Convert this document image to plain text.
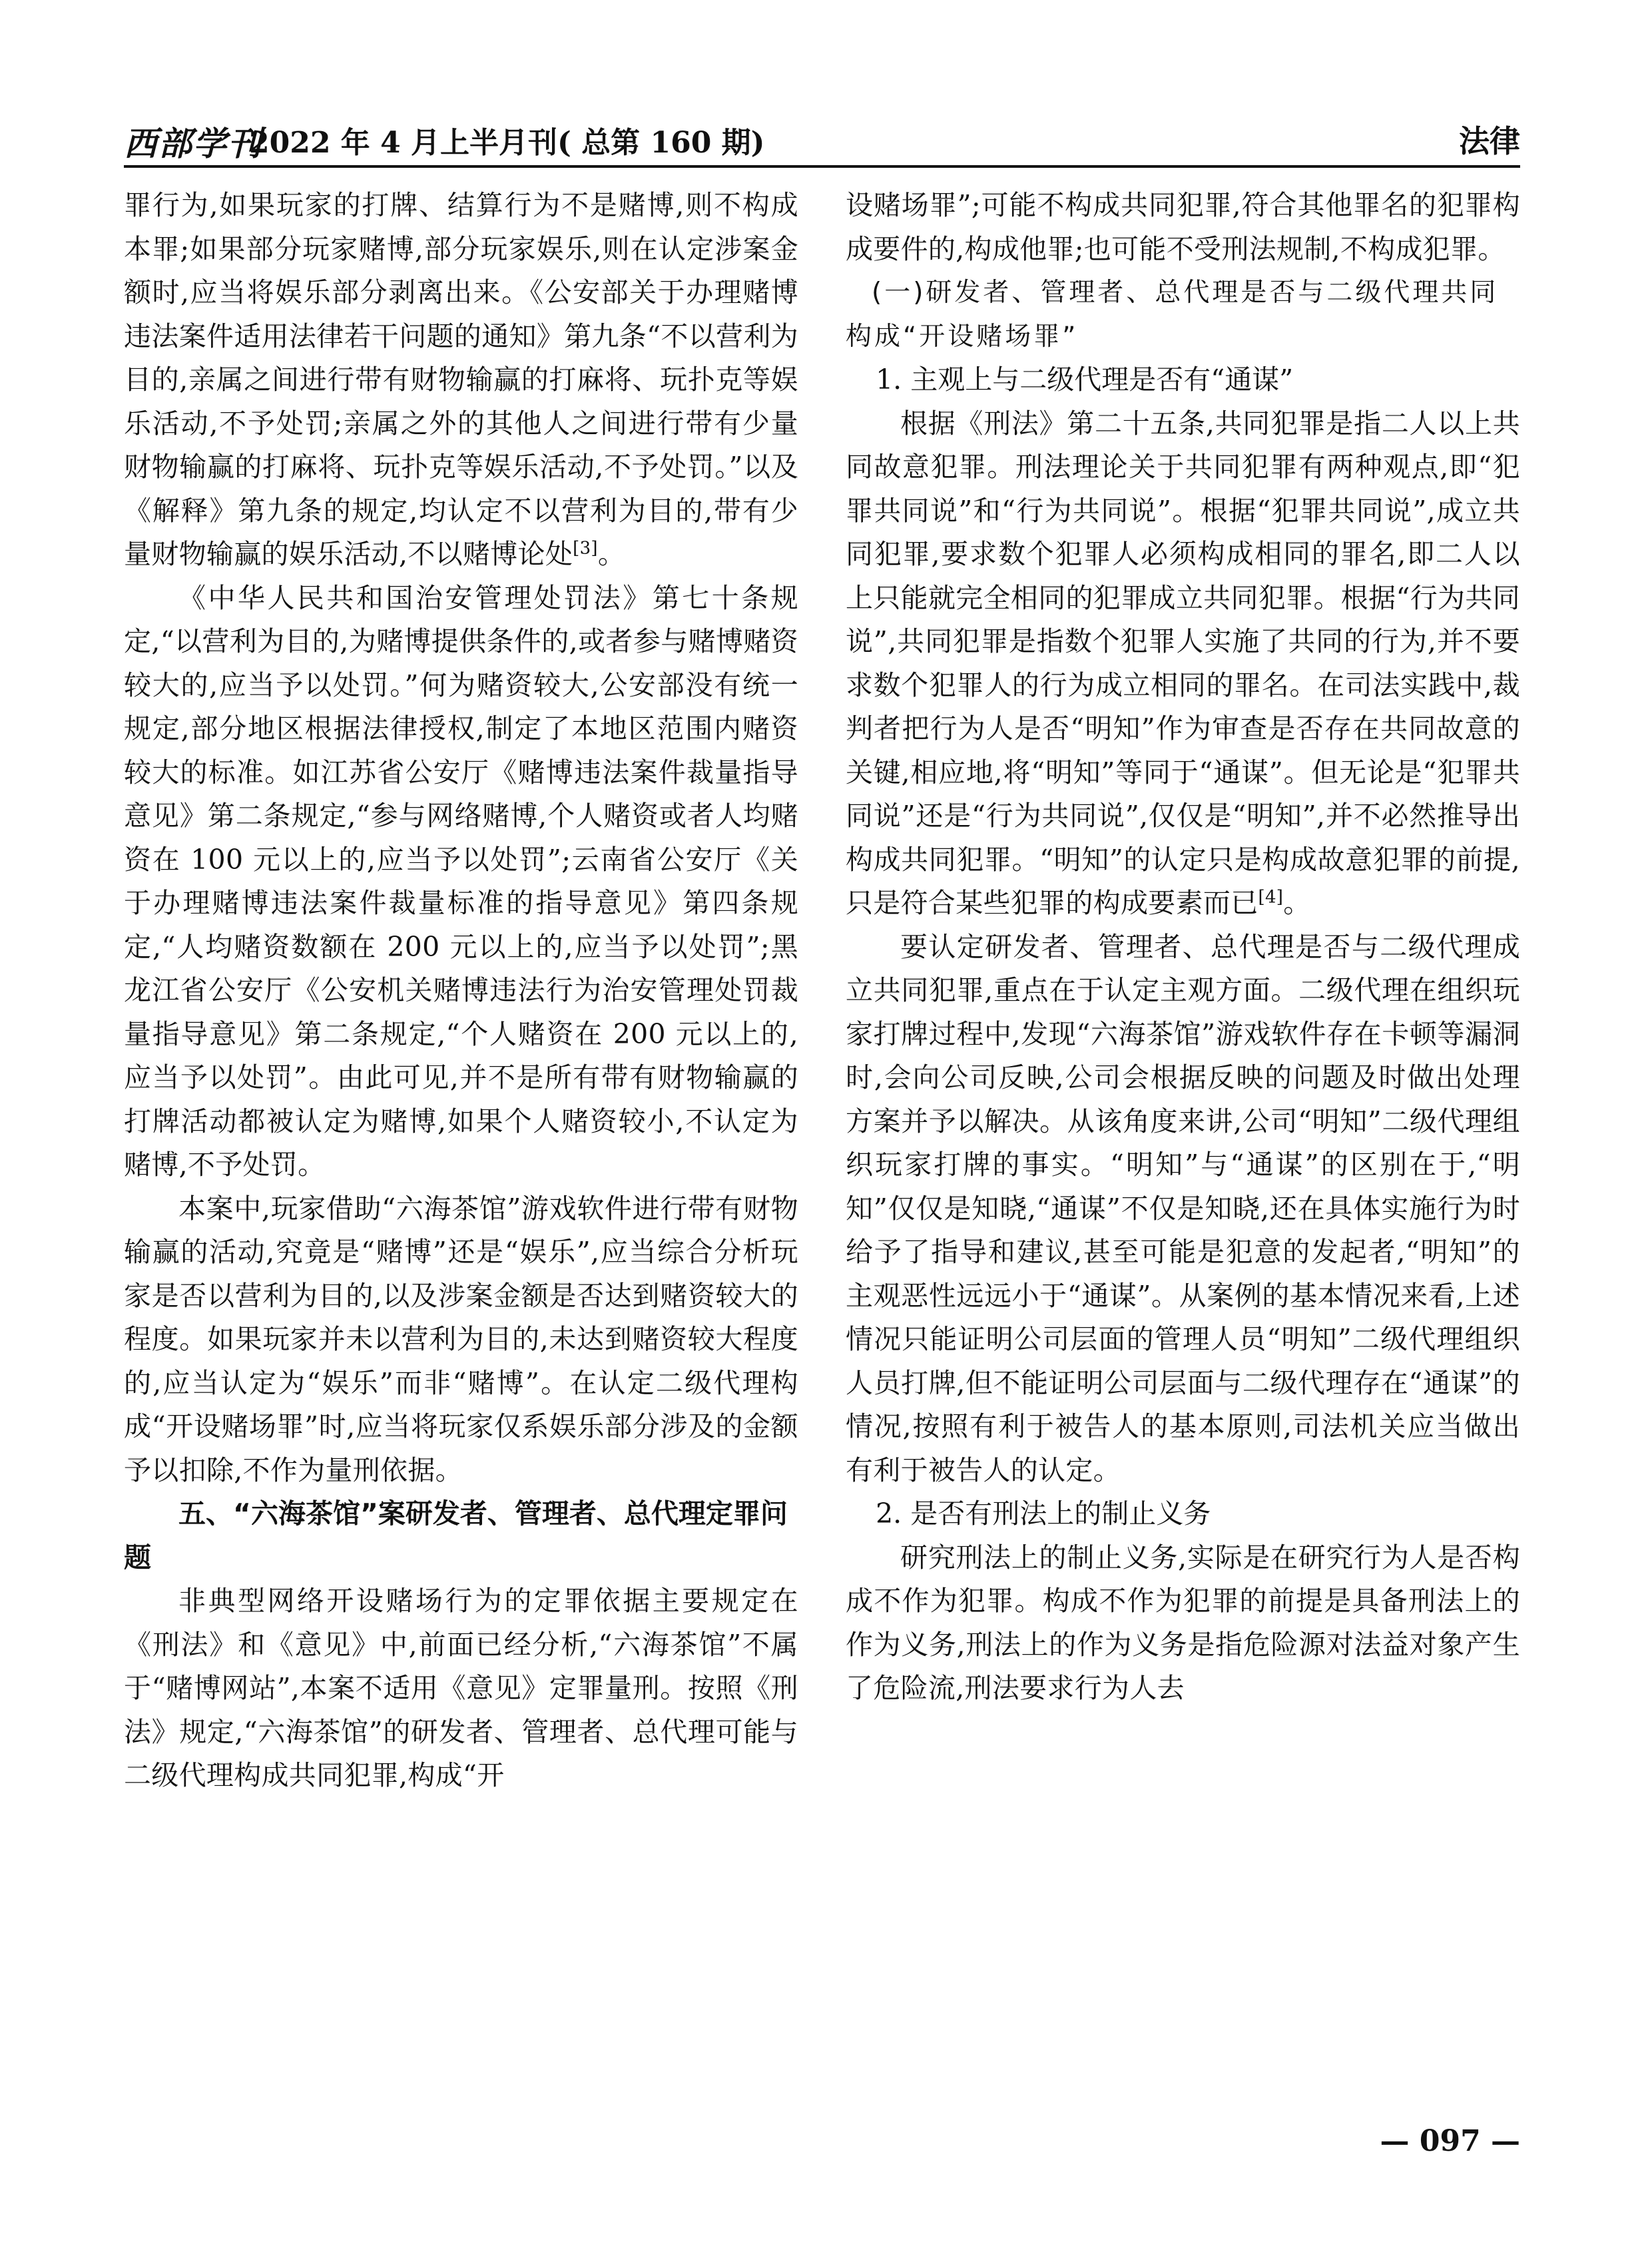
西部学刊
2022 年 4 月上半月刊( 总第 160 期)	法律

罪行为,如果玩家的打牌、结算行为不是赌博,则不构成本罪;如果部分玩家赌博,部分玩家娱乐,则在认定涉案金额时,应当将娱乐部分剥离出来。《公安部关于办理赌博违法案件适用法律若干问题的通知》第九条“不以营利为目的,亲属之间进行带有财物输赢的打麻将、玩扑克等娱乐活动,不予处罚;亲属之外的其他人之间进行带有少量财物输赢的打麻将、玩扑克等娱乐活动,不予处罚。”以及《解释》第九条的规定,均认定不以营利为目的,带有少量财物输赢的娱乐活动,不以赌博论处[3]。

《中华人民共和国治安管理处罚法》第七十条规定,“以营利为目的,为赌博提供条件的,或者参与赌博赌资较大的,应当予以处罚。”何为赌资较大,公安部没有统一规定,部分地区根据法律授权,制定了本地区范围内赌资较大的标准。如江苏省公安厅《赌博违法案件裁量指导意见》第二条规定,“参与网络赌博,个人赌资或者人均赌资在 100 元以上的,应当予以处罚”;云南省公安厅《关于办理赌博违法案件裁量标准的指导意见》第四条规定,“人均赌资数额在 200 元以上的,应当予以处罚”;黑龙江省公安厅《公安机关赌博违法行为治安管理处罚裁量指导意见》第二条规定,“个人赌资在 200 元以上的,应当予以处罚”。由此可见,并不是所有带有财物输赢的打牌活动都被认定为赌博,如果个人赌资较小,不认定为赌博,不予处罚。

本案中,玩家借助“六海茶馆”游戏软件进行带有财物输赢的活动,究竟是“赌博”还是“娱乐”,应当综合分析玩家是否以营利为目的,以及涉案金额是否达到赌资较大的程度。如果玩家并未以营利为目的,未达到赌资较大程度的,应当认定为“娱乐”而非“赌博”。在认定二级代理构成“开设赌场罪”时,应当将玩家仅系娱乐部分涉及的金额予以扣除,不作为量刑依据。

五、“六海茶馆”案研发者、管理者、总代理定罪问题

非典型网络开设赌场行为的定罪依据主要规定在《刑法》和《意见》中,前面已经分析,“六海茶馆”不属于“赌博网站”,本案不适用《意见》定罪量刑。按照《刑法》规定,“六海茶馆”的研发者、管理者、总代理可能与二级代理构成共同犯罪,构成“开

设赌场罪”;可能不构成共同犯罪,符合其他罪名的犯罪构成要件的,构成他罪;也可能不受刑法规制,不构成犯罪。

(一)研发者、管理者、总代理是否与二级代理共同构成“开设赌场罪”

1. 主观上与二级代理是否有“通谋”

根据《刑法》第二十五条,共同犯罪是指二人以上共同故意犯罪。刑法理论关于共同犯罪有两种观点,即“犯罪共同说”和“行为共同说”。根据“犯罪共同说”,成立共同犯罪,要求数个犯罪人必须构成相同的罪名,即二人以上只能就完全相同的犯罪成立共同犯罪。根据“行为共同说”,共同犯罪是指数个犯罪人实施了共同的行为,并不要求数个犯罪人的行为成立相同的罪名。在司法实践中,裁判者把行为人是否“明知”作为审查是否存在共同故意的关键,相应地,将“明知”等同于“通谋”。但无论是“犯罪共同说”还是“行为共同说”,仅仅是“明知”,并不必然推导出构成共同犯罪。“明知”的认定只是构成故意犯罪的前提,只是符合某些犯罪的构成要素而已[4]。

要认定研发者、管理者、总代理是否与二级代理成立共同犯罪,重点在于认定主观方面。二级代理在组织玩家打牌过程中,发现“六海茶馆”游戏软件存在卡顿等漏洞时,会向公司反映,公司会根据反映的问题及时做出处理方案并予以解决。从该角度来讲,公司“明知”二级代理组织玩家打牌的事实。“明知”与“通谋”的区别在于,“明知”仅仅是知晓,“通谋”不仅是知晓,还在具体实施行为时给予了指导和建议,甚至可能是犯意的发起者,“明知”的主观恶性远远小于“通谋”。从案例的基本情况来看,上述情况只能证明公司层面的管理人员“明知”二级代理组织人员打牌,但不能证明公司层面与二级代理存在“通谋”的情况,按照有利于被告人的基本原则,司法机关应当做出有利于被告人的认定。

2. 是否有刑法上的制止义务

研究刑法上的制止义务,实际是在研究行为人是否构成不作为犯罪。构成不作为犯罪的前提是具备刑法上的作为义务,刑法上的作为义务是指危险源对法益对象产生了危险流,刑法要求行为人去

— 097 —
